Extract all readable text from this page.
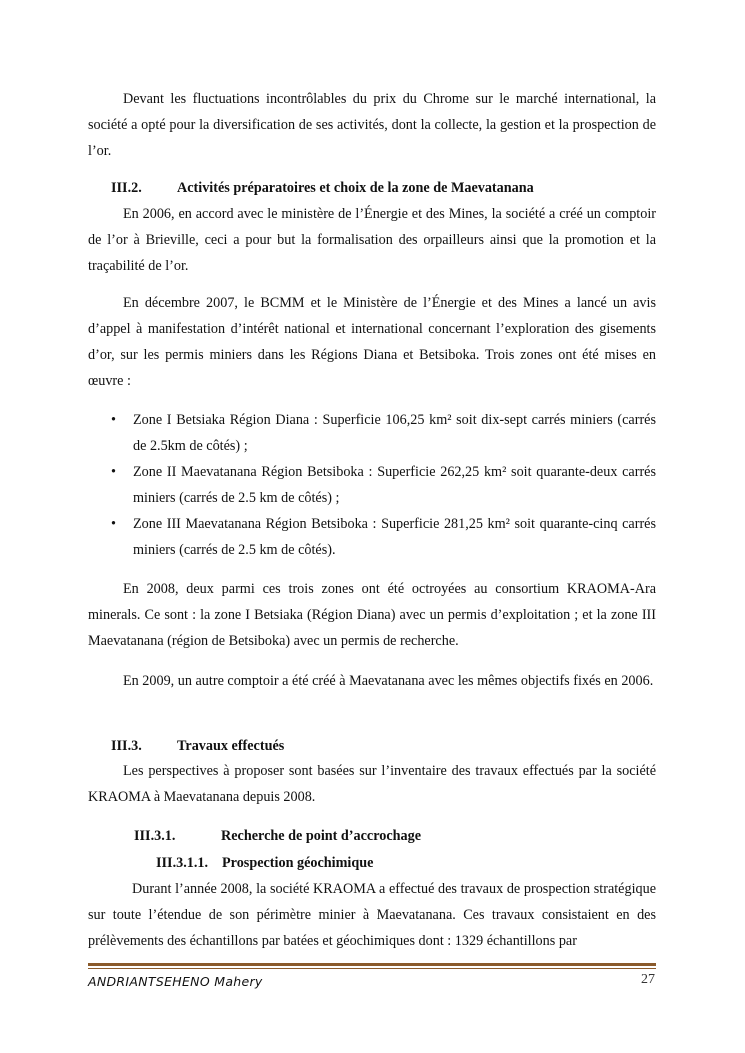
Devant les fluctuations incontrôlables du prix du Chrome sur le marché international, la société a opté pour la diversification de ses activités, dont la collecte, la gestion et la prospection de l’or.

III.2. Activités préparatoires et choix de la zone de Maevatanana

En 2006, en accord avec le ministère de l’Énergie et des Mines, la société a créé un comptoir de l’or à Brieville, ceci a pour but la formalisation des orpailleurs ainsi que la promotion et la traçabilité de l’or.

En décembre 2007, le BCMM et le Ministère de l’Énergie et des Mines a lancé un avis d’appel à manifestation d’intérêt national et international concernant l’exploration des gisements d’or, sur les permis miniers dans les Régions Diana et Betsiboka. Trois zones ont été mises en œuvre :

• Zone I Betsiaka Région Diana : Superficie 106,25 km² soit dix-sept carrés miniers (carrés de 2.5km de côtés) ;
• Zone II Maevatanana Région Betsiboka : Superficie 262,25 km² soit quarante-deux carrés miniers (carrés de 2.5 km de côtés) ;
• Zone III Maevatanana Région Betsiboka : Superficie 281,25 km² soit quarante-cinq carrés miniers (carrés de 2.5 km de côtés).

En 2008, deux parmi ces trois zones ont été octroyées au consortium KRAOMA-Ara minerals. Ce sont : la zone I Betsiaka (Région Diana) avec un permis d’exploitation ; et la zone III Maevatanana (région de Betsiboka) avec un permis de recherche.

En 2009, un autre comptoir a été créé à Maevatanana avec les mêmes objectifs fixés en 2006.

III.3. Travaux effectués

Les perspectives à proposer sont basées sur l’inventaire des travaux effectués par la société KRAOMA à Maevatanana depuis 2008.

III.3.1.	Recherche de point d’accrochage
III.3.1.1. Prospection géochimique

Durant l’année 2008, la société KRAOMA a effectué des travaux de prospection stratégique sur toute l’étendue de son périmètre minier à Maevatanana. Ces travaux consistaient en des prélèvements des échantillons par batées et géochimiques dont : 1329 échantillons par

ANDRIANTSEHENO Mahery	27
